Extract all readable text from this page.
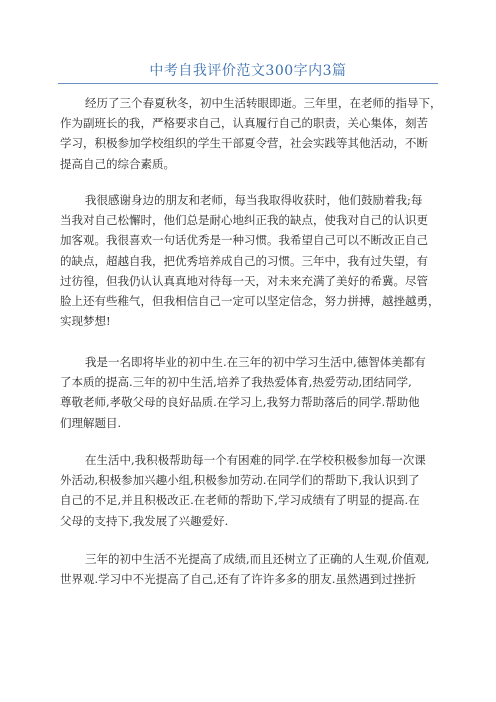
中考自我评价范文300字内3篇
经历了三个春夏秋冬，初中生活转眼即逝。三年里，在老师的指导下，
作为副班长的我，严格要求自己，认真履行自己的职责，关心集体，刻苦
学习，积极参加学校组织的学生干部夏令营，社会实践等其他活动，不断
提高自己的综合素质。
我很感谢身边的朋友和老师，每当我取得收获时，他们鼓励着我;每
当我对自己松懈时，他们总是耐心地纠正我的缺点，使我对自己的认识更
加客观。我很喜欢一句话优秀是一种习惯。我希望自己可以不断改正自己
的缺点，超越自我，把优秀培养成自己的习惯。三年中，我有过失望，有
过彷徨，但我仍认认真真地对待每一天，对未来充满了美好的希冀。尽管
脸上还有些稚气，但我相信自己一定可以坚定信念，努力拼搏，越挫越勇，
实现梦想!
我是一名即将毕业的初中生.在三年的初中学习生活中,德智体美都有
了本质的提高.三年的初中生活,培养了我热爱体育,热爱劳动,团结同学,
尊敬老师,孝敬父母的良好品质.在学习上,我努力帮助落后的同学.帮助他
们理解题目.
在生活中,我积极帮助每一个有困难的同学.在学校积极参加每一次课
外活动,积极参加兴趣小组,积极参加劳动.在同学们的帮助下,我认识到了
自己的不足,并且积极改正.在老师的帮助下,学习成绩有了明显的提高.在
父母的支持下,我发展了兴趣爱好.
三年的初中生活不光提高了成绩,而且还树立了正确的人生观,价值观,
世界观.学习中不光提高了自己,还有了许许多多的朋友.虽然遇到过挫折
